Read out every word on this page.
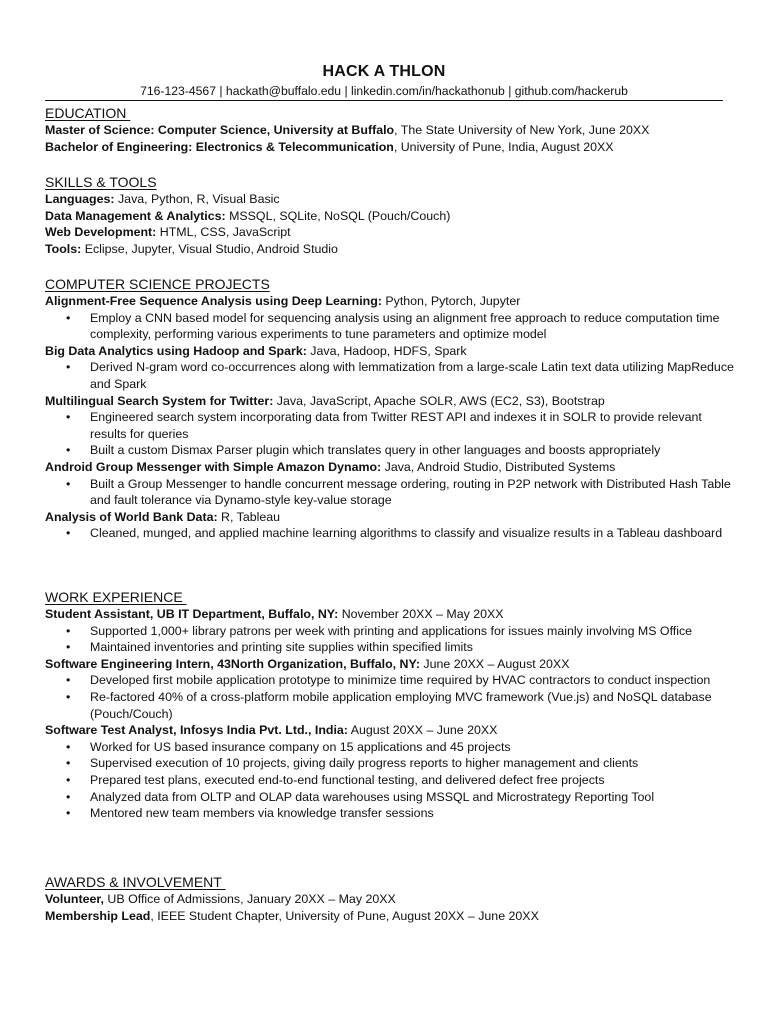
HACK A THLON
716-123-4567 | hackath@buffalo.edu | linkedin.com/in/hackathonub | github.com/hackerub
EDUCATION
Master of Science: Computer Science, University at Buffalo, The State University of New York, June 20XX
Bachelor of Engineering: Electronics & Telecommunication, University of Pune, India, August 20XX
SKILLS & TOOLS
Languages: Java, Python, R, Visual Basic
Data Management & Analytics: MSSQL, SQLite, NoSQL (Pouch/Couch)
Web Development: HTML, CSS, JavaScript
Tools: Eclipse, Jupyter, Visual Studio, Android Studio
COMPUTER SCIENCE PROJECTS
Alignment-Free Sequence Analysis using Deep Learning: Python, Pytorch, Jupyter
• Employ a CNN based model for sequencing analysis using an alignment free approach to reduce computation time complexity, performing various experiments to tune parameters and optimize model
Big Data Analytics using Hadoop and Spark: Java, Hadoop, HDFS, Spark
• Derived N-gram word co-occurrences along with lemmatization from a large-scale Latin text data utilizing MapReduce and Spark
Multilingual Search System for Twitter: Java, JavaScript, Apache SOLR, AWS (EC2, S3), Bootstrap
• Engineered search system incorporating data from Twitter REST API and indexes it in SOLR to provide relevant results for queries
• Built a custom Dismax Parser plugin which translates query in other languages and boosts appropriately
Android Group Messenger with Simple Amazon Dynamo: Java, Android Studio, Distributed Systems
• Built a Group Messenger to handle concurrent message ordering, routing in P2P network with Distributed Hash Table and fault tolerance via Dynamo-style key-value storage
Analysis of World Bank Data: R, Tableau
• Cleaned, munged, and applied machine learning algorithms to classify and visualize results in a Tableau dashboard
WORK EXPERIENCE
Student Assistant, UB IT Department, Buffalo, NY: November 20XX – May 20XX
• Supported 1,000+ library patrons per week with printing and applications for issues mainly involving MS Office
• Maintained inventories and printing site supplies within specified limits
Software Engineering Intern, 43North Organization, Buffalo, NY: June 20XX – August 20XX
• Developed first mobile application prototype to minimize time required by HVAC contractors to conduct inspection
• Re-factored 40% of a cross-platform mobile application employing MVC framework (Vue.js) and NoSQL database (Pouch/Couch)
Software Test Analyst, Infosys India Pvt. Ltd., India: August 20XX – June 20XX
• Worked for US based insurance company on 15 applications and 45 projects
• Supervised execution of 10 projects, giving daily progress reports to higher management and clients
• Prepared test plans, executed end-to-end functional testing, and delivered defect free projects
• Analyzed data from OLTP and OLAP data warehouses using MSSQL and Microstrategy Reporting Tool
• Mentored new team members via knowledge transfer sessions
AWARDS & INVOLVEMENT
Volunteer, UB Office of Admissions, January 20XX – May 20XX
Membership Lead, IEEE Student Chapter, University of Pune, August 20XX – June 20XX
